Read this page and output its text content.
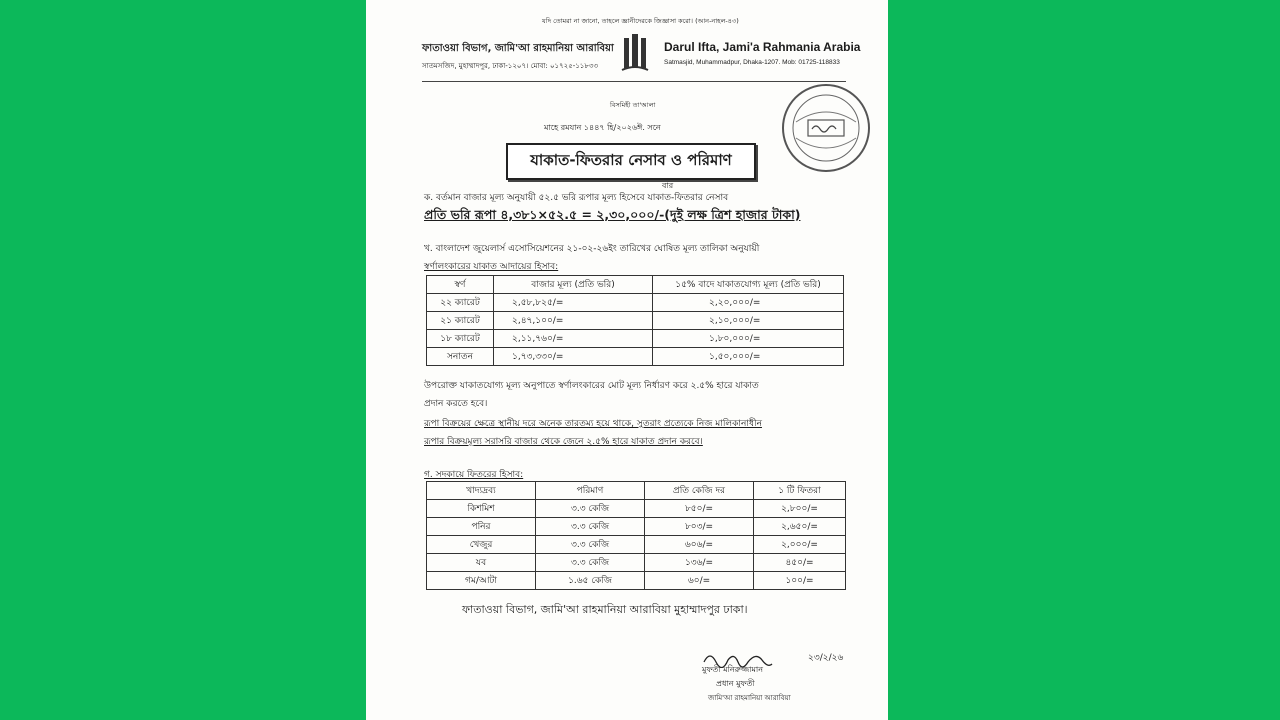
যদি তোমরা না জানো, তাহলে জ্ঞানীদেরকে জিজ্ঞাসা করো। (আন-নাহল-৪৩)
ফাতাওয়া বিভাগ, জামি'আ রাহমানিয়া আরাবিয়া
সাতমসজিদ, মুহাম্মাদপুর, ঢাকা-১২০৭। মোবা: ০১৭২৫-১১৮৩৩
Darul Ifta, Jami'a Rahmania Arabia
Satmasjid, Muhammadpur, Dhaka-1207. Mob: 01725-118833
বিসমিহী তা'আলা
মাহে রমযান ১৪৪৭ হি/২০২৬ঈ. সনে
যাকাত-ফিতরার নেসাব ও পরিমাণ
বার
ক. বর্তমান বাজার মূল্য অনুযায়ী ৫২.৫ ভরি রূপার মূল্য হিসেবে যাকাত-ফিতরার নেসাব
প্রতি ভরি রূপা ৪,৩৮১×৫২.৫ = ২,৩০,০০০/-(দুই লক্ষ ত্রিশ হাজার টাকা)
খ. বাংলাদেশ জুয়েলার্স এসোসিয়েশনের ২১-০২-২৬ইং তারিখের ঘোষিত মূল্য তালিকা অনুযায়ী
স্বর্ণালংকারের যাকাত আদায়ের হিসাব:
স্বর্ণ	বাজার মূল্য (প্রতি ভরি)	১৫% বাদে যাকাতযোগ্য মূল্য (প্রতি ভরি)
২২ ক্যারেট	২,৫৮,৮২৫/=	২,২০,০০০/=
২১ ক্যারেট	২,৪৭,১০০/=	২,১০,০০০/=
১৮ ক্যারেট	২,১১,৭৬০/=	১,৮০,০০০/=
সনাতন	১,৭৩,৩৩০/=	১,৫০,০০০/=
উপরোক্ত যাকাতযোগ্য মূল্য অনুপাতে স্বর্ণালংকারের মোট মূল্য নির্ধারণ করে ২.৫% হারে যাকাত
প্রদান করতে হবে।
রূপা বিক্রয়ের ক্ষেত্রে স্থানীয় দরে অনেক তারতম্য হয়ে থাকে, সুতরাং প্রত্যেকে নিজ মালিকানাধীন
রূপার বিক্রয়মূল্য সরাসরি বাজার থেকে জেনে ২.৫% হারে যাকাত প্রদান করবে।
গ. সদকায়ে ফিতরের হিসাব:
খাদ্যদ্রব্য	পরিমাণ	প্রতি কেজি দর	১ টি ফিতরা
কিশমিশ	৩.৩ কেজি	৮৫০/=	২,৮০০/=
পনির	৩.৩ কেজি	৮০৩/=	২,৬৫০/=
খেজুর	৩.৩ কেজি	৬০৬/=	২,০০০/=
যব	৩.৩ কেজি	১৩৬/=	৪৫০/=
গম/আটা	১.৬৫ কেজি	৬০/=	১০০/=
ফাতাওয়া বিভাগ, জামি'আ রাহমানিয়া আরাবিয়া মুহাম্মাদপুর ঢাকা।
মুফতী মনিরুজ্জামান
২৩/২/২৬
প্রধান মুফতী
জামি'আ রাহমানিয়া আরাবিয়া
